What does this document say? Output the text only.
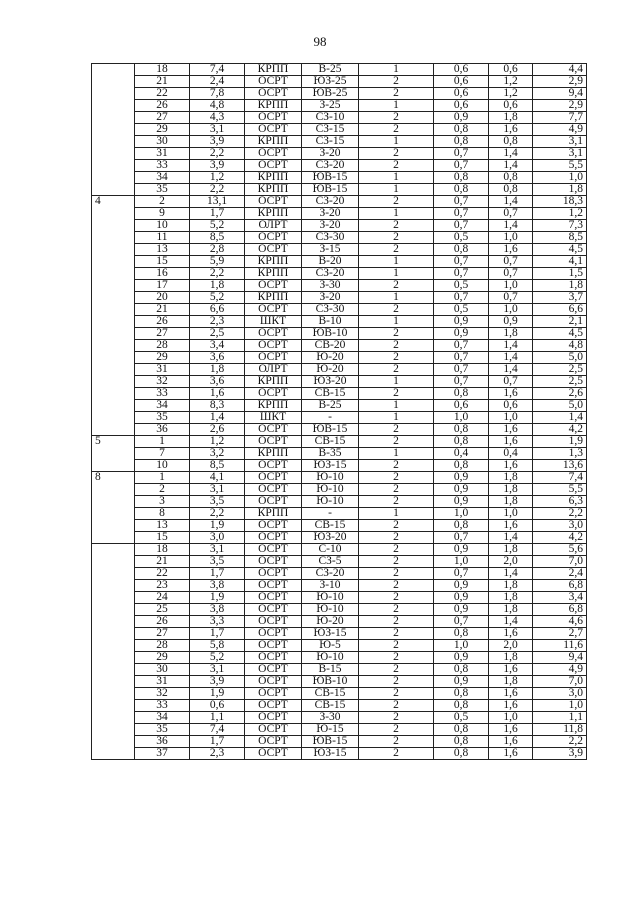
98
	18	7,4	КРПП	В-25	1	0,6	0,6	4,4
	21	2,4	ОСРТ	ЮЗ-25	2	0,6	1,2	2,9
	22	7,8	ОСРТ	ЮВ-25	2	0,6	1,2	9,4
	26	4,8	КРПП	З-25	1	0,6	0,6	2,9
	27	4,3	ОСРТ	СЗ-10	2	0,9	1,8	7,7
	29	3,1	ОСРТ	СЗ-15	2	0,8	1,6	4,9
	30	3,9	КРПП	СЗ-15	1	0,8	0,8	3,1
	31	2,2	ОСРТ	З-20	2	0,7	1,4	3,1
	33	3,9	ОСРТ	СЗ-20	2	0,7	1,4	5,5
	34	1,2	КРПП	ЮВ-15	1	0,8	0,8	1,0
	35	2,2	КРПП	ЮВ-15	1	0,8	0,8	1,8
4	2	13,1	ОСРТ	СЗ-20	2	0,7	1,4	18,3
	9	1,7	КРПП	З-20	1	0,7	0,7	1,2
	10	5,2	ОЛРТ	З-20	2	0,7	1,4	7,3
	11	8,5	ОСРТ	СЗ-30	2	0,5	1,0	8,5
	13	2,8	ОСРТ	З-15	2	0,8	1,6	4,5
	15	5,9	КРПП	В-20	1	0,7	0,7	4,1
	16	2,2	КРПП	СЗ-20	1	0,7	0,7	1,5
	17	1,8	ОСРТ	З-30	2	0,5	1,0	1,8
	20	5,2	КРПП	З-20	1	0,7	0,7	3,7
	21	6,6	ОСРТ	СЗ-30	2	0,5	1,0	6,6
	26	2,3	ШКТ	В-10	1	0,9	0,9	2,1
	27	2,5	ОСРТ	ЮВ-10	2	0,9	1,8	4,5
	28	3,4	ОСРТ	СВ-20	2	0,7	1,4	4,8
	29	3,6	ОСРТ	Ю-20	2	0,7	1,4	5,0
	31	1,8	ОЛРТ	Ю-20	2	0,7	1,4	2,5
	32	3,6	КРПП	ЮЗ-20	1	0,7	0,7	2,5
	33	1,6	ОСРТ	СВ-15	2	0,8	1,6	2,6
	34	8,3	КРПП	В-25	1	0,6	0,6	5,0
	35	1,4	ШКТ	-	1	1,0	1,0	1,4
	36	2,6	ОСРТ	ЮВ-15	2	0,8	1,6	4,2
5	1	1,2	ОСРТ	СВ-15	2	0,8	1,6	1,9
	7	3,2	КРПП	В-35	1	0,4	0,4	1,3
	10	8,5	ОСРТ	ЮЗ-15	2	0,8	1,6	13,6
8	1	4,1	ОСРТ	Ю-10	2	0,9	1,8	7,4
	2	3,1	ОСРТ	Ю-10	2	0,9	1,8	5,5
	3	3,5	ОСРТ	Ю-10	2	0,9	1,8	6,3
	8	2,2	КРПП	-	1	1,0	1,0	2,2
	13	1,9	ОСРТ	СВ-15	2	0,8	1,6	3,0
	15	3,0	ОСРТ	ЮЗ-20	2	0,7	1,4	4,2
	18	3,1	ОСРТ	С-10	2	0,9	1,8	5,6
	21	3,5	ОСРТ	СЗ-5	2	1,0	2,0	7,0
	22	1,7	ОСРТ	СЗ-20	2	0,7	1,4	2,4
	23	3,8	ОСРТ	З-10	2	0,9	1,8	6,8
	24	1,9	ОСРТ	Ю-10	2	0,9	1,8	3,4
	25	3,8	ОСРТ	Ю-10	2	0,9	1,8	6,8
	26	3,3	ОСРТ	Ю-20	2	0,7	1,4	4,6
	27	1,7	ОСРТ	ЮЗ-15	2	0,8	1,6	2,7
	28	5,8	ОСРТ	Ю-5	2	1,0	2,0	11,6
	29	5,2	ОСРТ	Ю-10	2	0,9	1,8	9,4
	30	3,1	ОСРТ	В-15	2	0,8	1,6	4,9
	31	3,9	ОСРТ	ЮВ-10	2	0,9	1,8	7,0
	32	1,9	ОСРТ	СВ-15	2	0,8	1,6	3,0
	33	0,6	ОСРТ	СВ-15	2	0,8	1,6	1,0
	34	1,1	ОСРТ	З-30	2	0,5	1,0	1,1
	35	7,4	ОСРТ	Ю-15	2	0,8	1,6	11,8
	36	1,7	ОСРТ	ЮВ-15	2	0,8	1,6	2,2
	37	2,3	ОСРТ	ЮЗ-15	2	0,8	1,6	3,9
